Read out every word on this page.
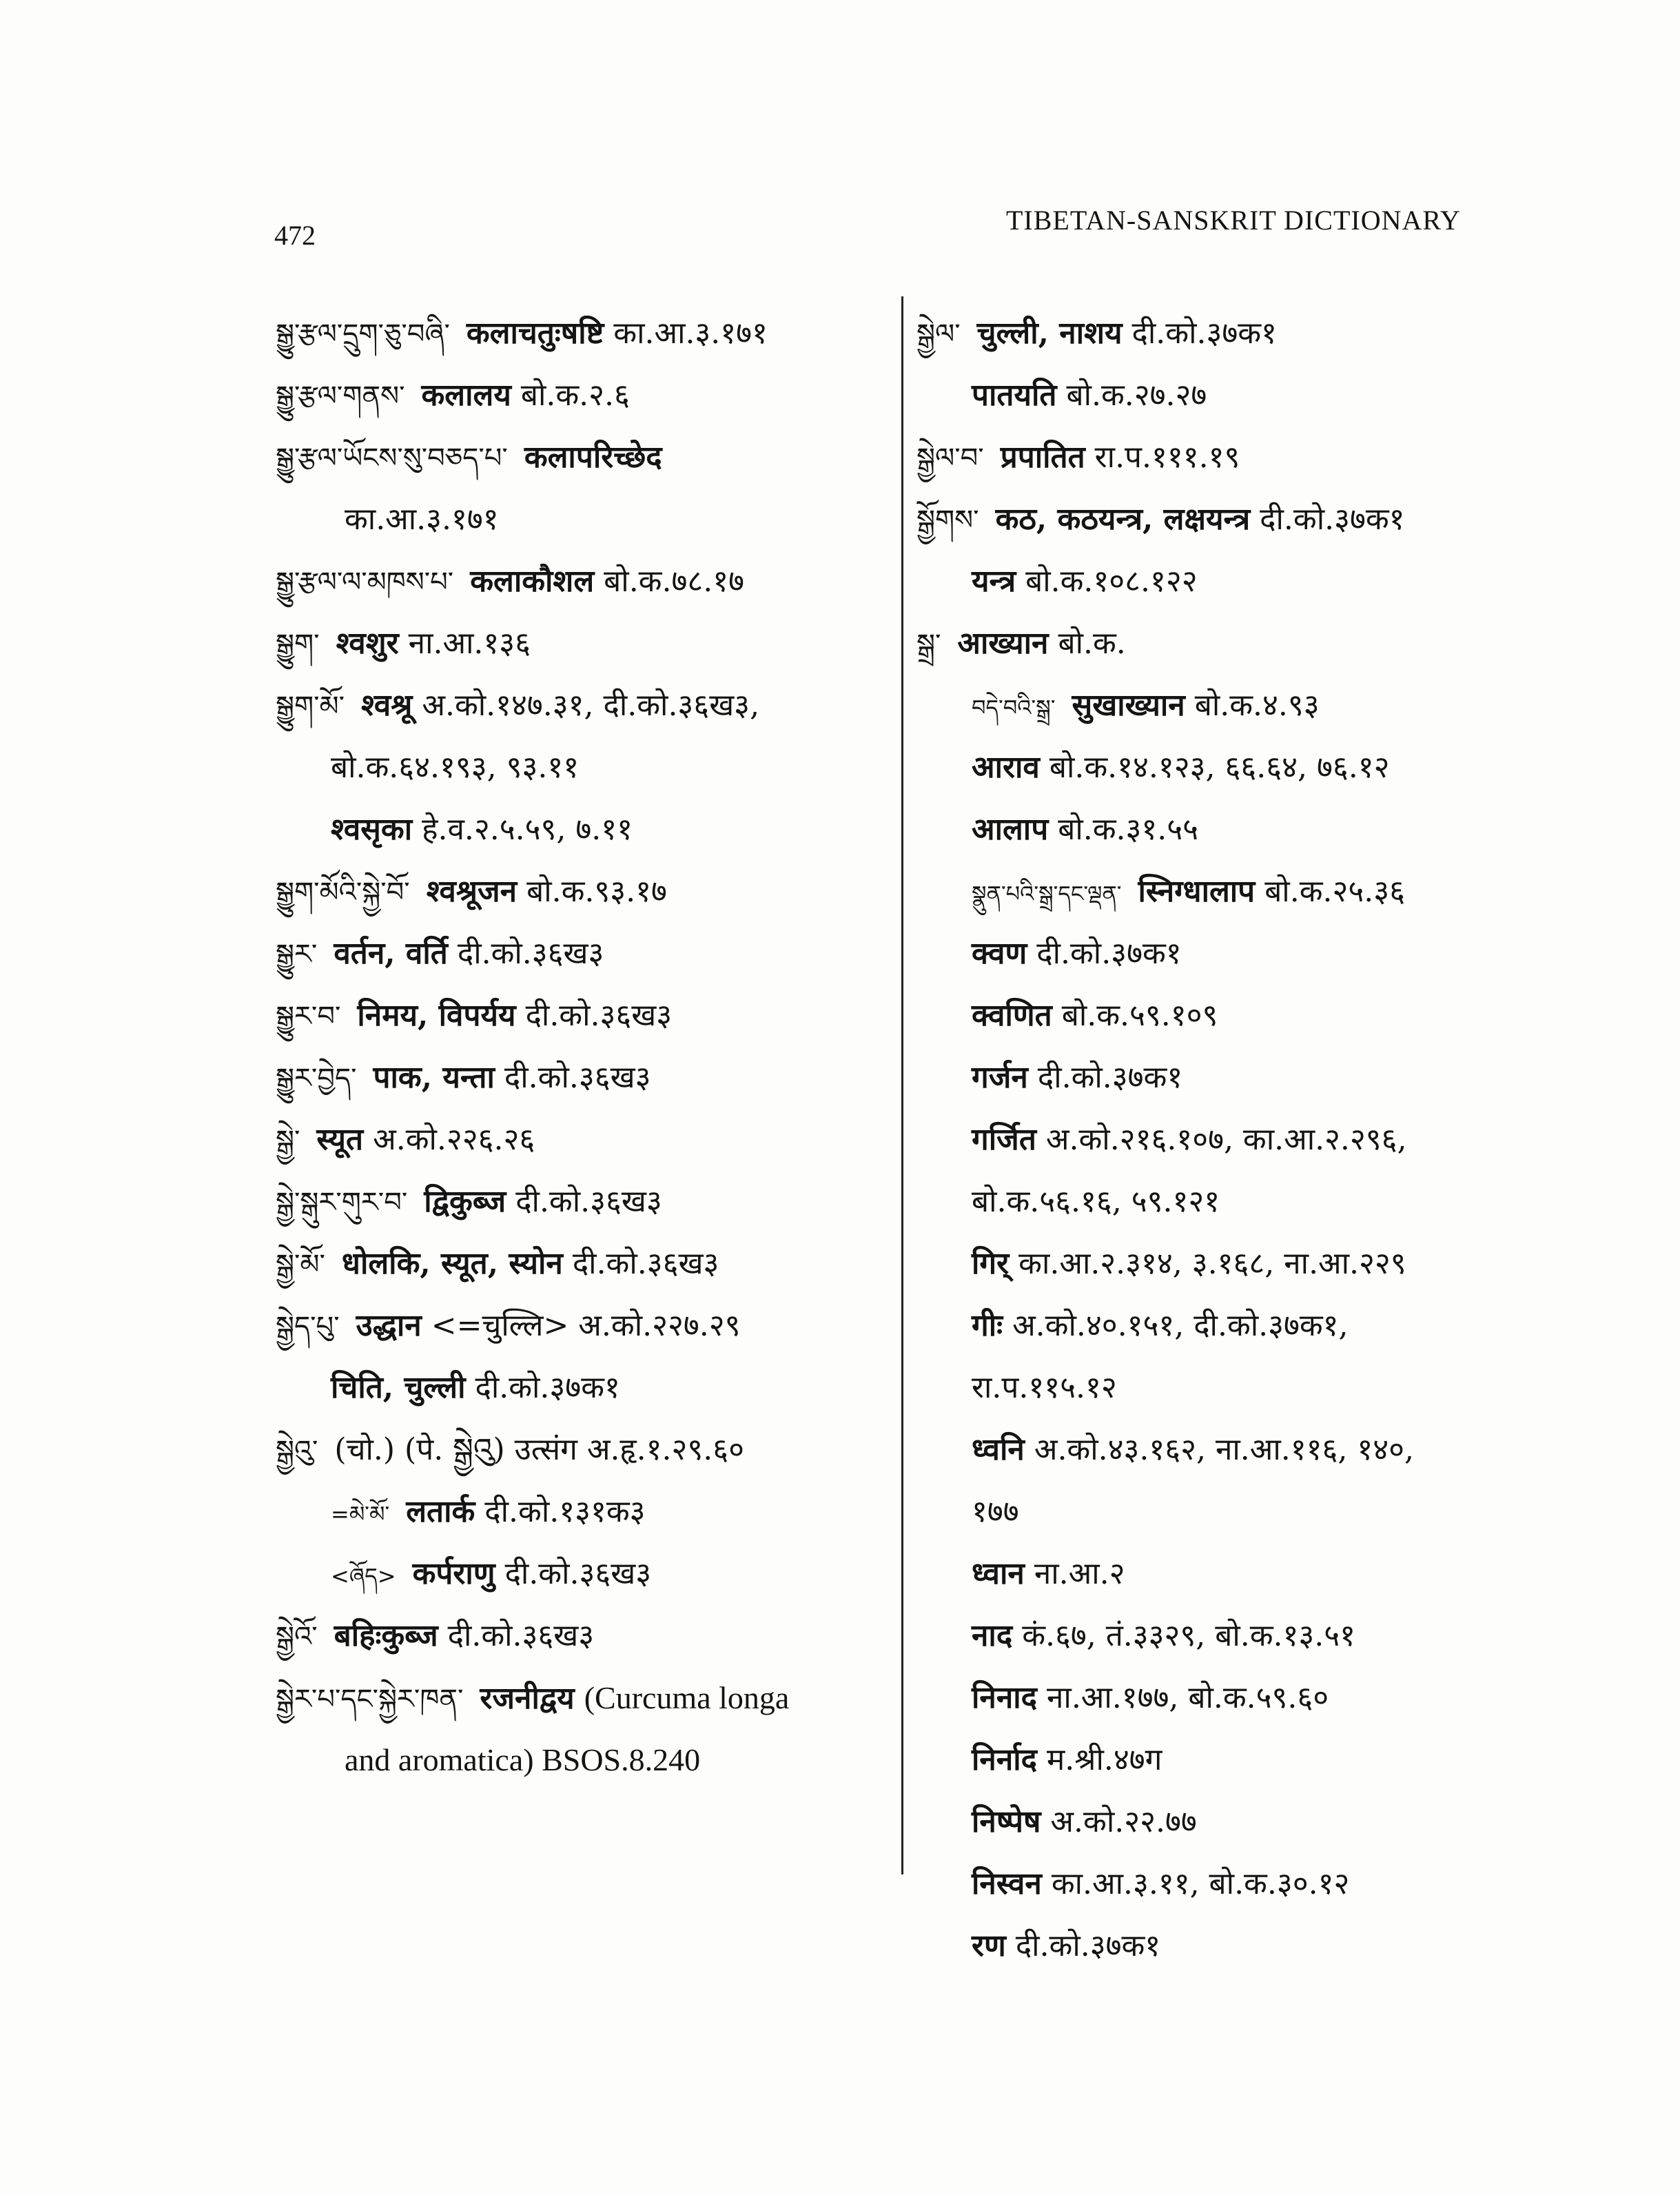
472	TIBETAN-SANSKRIT DICTIONARY
སྒྱུ་རྩལ་དྲུག་ཅུ་བཞི་ कलाचतुःषष्टि का.आ.३.१७१
སྒྱུ་རྩལ་གནས་ कलालय बो.क.२.६
སྒྱུ་རྩལ་ཡོངས་སུ་བཅད་པ་ कलापरिच्छेद
का.आ.३.१७१
སྒྱུ་རྩལ་ལ་མཁས་པ་ कलाकौशल बो.क.७८.१७
སྒྱུག་ श्वशुर ना.आ.१३६
སྒྱུག་མོ་ श्वश्रू अ.को.१४७.३१, दी.को.३६ख३,
बो.क.६४.१९३, ९३.११
श्वसृका हे.व.२.५.५९, ७.११
སྒྱུག་མོའི་སྐྱེ་བོ་ श्वश्रूजन बो.क.९३.१७
སྒྱུར་ वर्तन, वर्ति दी.को.३६ख३
སྒྱུར་བ་ निमय, विपर्यय दी.को.३६ख३
སྒྱུར་བྱེད་ पाक, यन्ता दी.को.३६ख३
སྒྱེ་ स्यूत अ.को.२२६.२६
སྒྱེ་སྒུར་གུར་བ་ द्विकुब्ज दी.को.३६ख३
སྒྱེ་མོ་ धोलकि, स्यूत, स्योन दी.को.३६ख३
སྒྱེད་པུ་ उद्धान <=चुल्लि> अ.को.२२७.२९
चिति, चुल्ली दी.को.३७क१
སྒྱེའུ་ (चो.) (पे. སྒྱེའུ) उत्संग अ.हृ.१.२९.६०
=མེ་མོ་ लतार्क दी.को.१३१क३
<ཞོད> कर्पराणु दी.को.३६ख३
སྒྱེའོ་ बहिःकुब्ज दी.को.३६ख३
སྒྱེར་པ་དང་སྐྱེར་ཁན་ रजनीद्वय (Curcuma longa
and aromatica) BSOS.8.240
སྒྱེལ་ चुल्ली, नाशय दी.को.३७क१
पातयति बो.क.२७.२७
སྒྱེལ་བ་ प्रपातित रा.प.१११.१९
སྒྱོགས་ कठ, कठयन्त्र, लक्षयन्त्र दी.को.३७क१
यन्त्र बो.क.१०८.१२२
སྒྲ་ आख्यान बो.क.
བདེ་བའི་སྒྲ་ सुखाख्यान बो.क.४.९३
आराव बो.क.१४.१२३, ६६.६४, ७६.१२
आलाप बो.क.३१.५५
སྣུན་པའི་སྒྲ་དང་ལྡན་ स्निग्धालाप बो.क.२५.३६
क्वण दी.को.३७क१
क्वणित बो.क.५९.१०९
गर्जन दी.को.३७क१
गर्जित अ.को.२१६.१०७, का.आ.२.२९६,
बो.क.५६.१६, ५९.१२१
गिर् का.आ.२.३१४, ३.१६८, ना.आ.२२९
गीः अ.को.४०.१५१, दी.को.३७क१,
रा.प.११५.१२
ध्वनि अ.को.४३.१६२, ना.आ.११६, १४०,
१७७
ध्वान ना.आ.२
नाद कं.६७, तं.३३२९, बो.क.१३.५१
निनाद ना.आ.१७७, बो.क.५९.६०
निर्नाद म.श्री.४७ग
निष्पेष अ.को.२२.७७
निस्वन का.आ.३.११, बो.क.३०.१२
रण दी.को.३७क१
